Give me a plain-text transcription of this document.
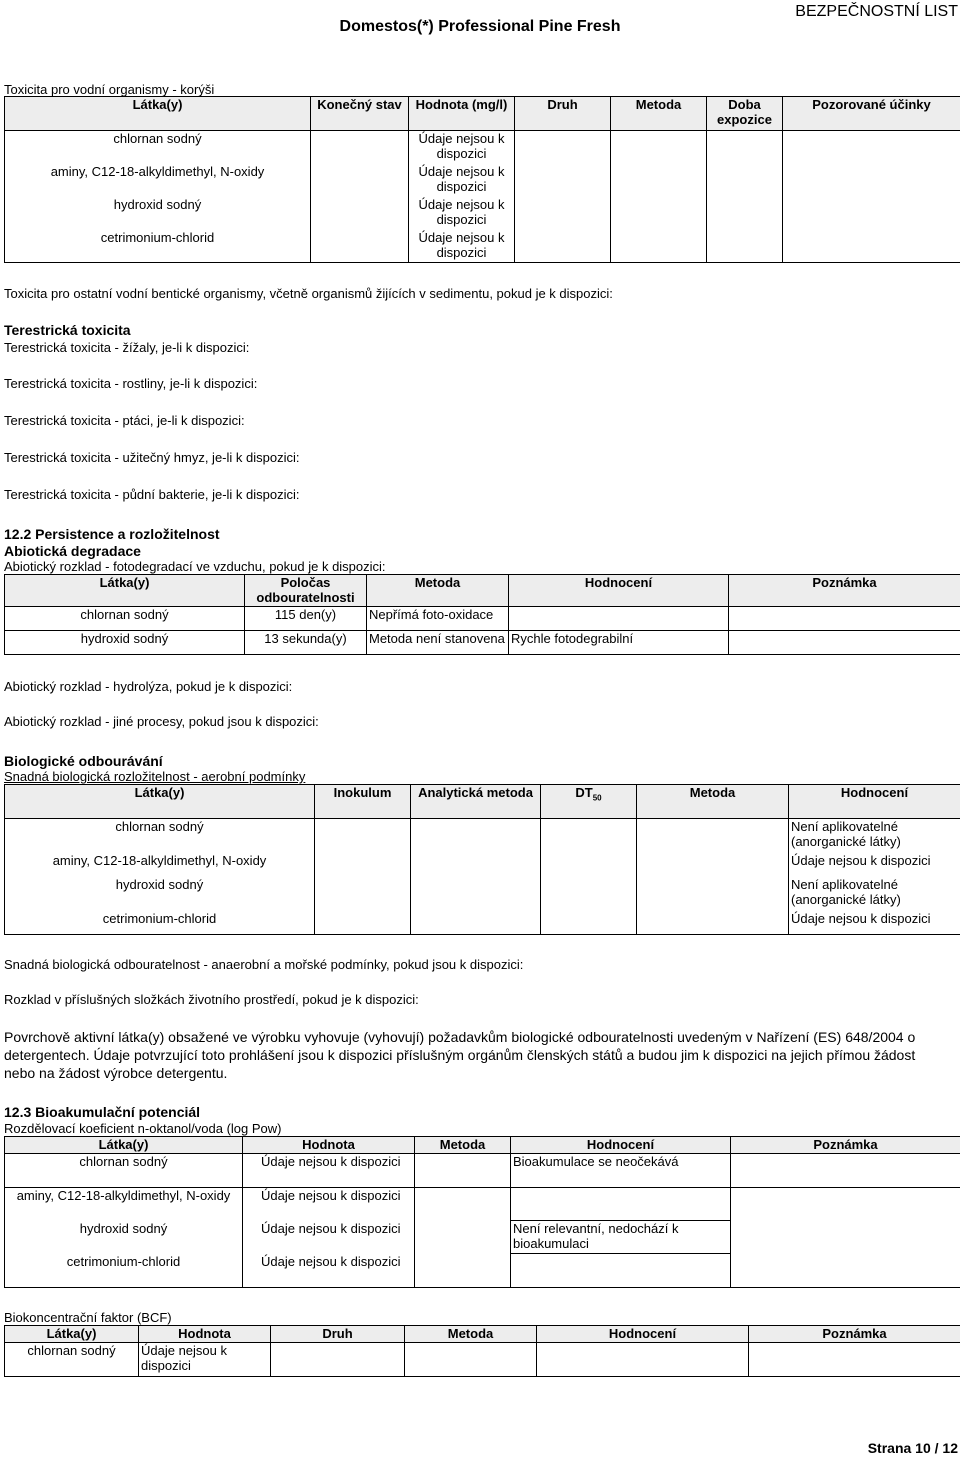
Domestos(*) Professional Pine Fresh
BEZPEČNOSTNÍ LIST
Toxicita pro vodní organismy - korýši
Látka(y)	Konečný stav	Hodnota (mg/l)	Druh	Metoda	Doba expozice	Pozorované účinky
chlornan sodný		Údaje nejsou k dispozici				
aminy, C12-18-alkyldimethyl, N-oxidy		Údaje nejsou k dispozici				
hydroxid sodný		Údaje nejsou k dispozici				
cetrimonium-chlorid		Údaje nejsou k dispozici				
Toxicita pro ostatní vodní bentické organismy, včetně organismů žijících v sedimentu, pokud je k dispozici:
Terestrická toxicita
Terestrická toxicita - žížaly, je-li k dispozici:
Terestrická toxicita - rostliny, je-li k dispozici:
Terestrická toxicita - ptáci, je-li k dispozici:
Terestrická toxicita - užitečný hmyz, je-li k dispozici:
Terestrická toxicita - půdní bakterie, je-li k dispozici:
12.2 Persistence a rozložitelnost
Abiotická degradace
Abiotický rozklad - fotodegradací ve vzduchu, pokud je k dispozici:
Látka(y)	Poločas odbouratelnosti	Metoda	Hodnocení	Poznámka
chlornan sodný	115 den(y)	Nepřímá foto-oxidace		
hydroxid sodný	13 sekunda(y)	Metoda není stanovena	Rychle fotodegrabilní	
Abiotický rozklad - hydrolýza, pokud je k dispozici:
Abiotický rozklad - jiné procesy, pokud jsou k dispozici:
Biologické odbourávání
Snadná biologická rozložitelnost - aerobní podmínky
Látka(y)	Inokulum	Analytická metoda	$DT_{50}$	Metoda	Hodnocení
chlornan sodný					Není aplikovatelné (anorganické látky)
aminy, C12-18-alkyldimethyl, N-oxidy					Údaje nejsou k dispozici
hydroxid sodný					Není aplikovatelné (anorganické látky)
cetrimonium-chlorid					Údaje nejsou k dispozici
Snadná biologická odbouratelnost - anaerobní a mořské podmínky, pokud jsou k dispozici:
Rozklad v příslušných složkách životního prostředí, pokud je k dispozici:
Povrchově aktivní látka(y) obsažené ve výrobku vyhovuje (vyhovují) požadavkům biologické odbouratelnosti uvedeným v Nařízení (ES) 648/2004 o detergentech. Údaje potvrzující toto prohlášení jsou k dispozici příslušným orgánům členských států a budou jim k dispozici na jejich přímou žádost nebo na žádost výrobce detergentu.
12.3 Bioakumulační potenciál
Rozdělovací koeficient n-oktanol/voda (log Pow)
Látka(y)	Hodnota	Metoda	Hodnocení	Poznámka
chlornan sodný	Údaje nejsou k dispozici		Bioakumulace se neočekává	
aminy, C12-18-alkyldimethyl, N-oxidy	Údaje nejsou k dispozici			
hydroxid sodný	Údaje nejsou k dispozici		Není relevantní, nedochází k bioakumulaci	
cetrimonium-chlorid	Údaje nejsou k dispozici			
Biokoncentrační faktor (BCF)
Látka(y)	Hodnota	Druh	Metoda	Hodnocení	Poznámka
chlornan sodný	Údaje nejsou k dispozici				
Strana 10 / 12
